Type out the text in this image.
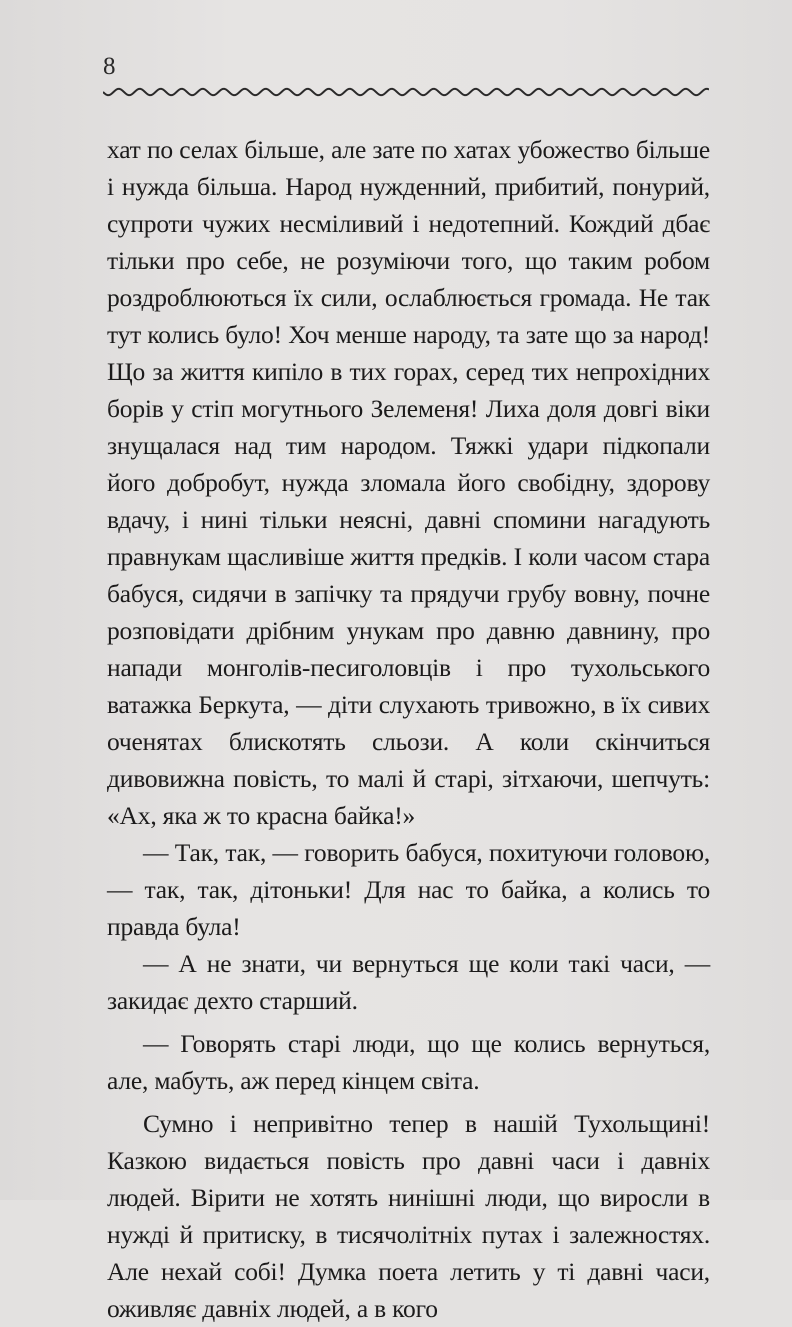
8

хат по селах більше, але зате по хатах убожество більше і нужда більша. Народ нужденний, прибитий, понурий, супроти чужих несміливий і недотепний. Кождий дбає тільки про себе, не розуміючи того, що таким робом роздроблюються їх сили, ослаблюється громада. Не так тут колись було! Хоч менше народу, та зате що за народ! Що за життя кипіло в тих горах, серед тих непрохідних борів у стіп могутнього Зелеменя! Лиха доля довгі віки знущалася над тим народом. Тяжкі удари підкопали його добробут, нужда зломала його свобідну, здорову вдачу, і нині тільки неясні, давні спомини нагадують правнукам щасливіше життя предків. І коли часом стара бабуся, сидячи в запічку та прядучи грубу вовну, почне розповідати дрібним унукам про давню давнину, про напади монголів-песиголовців і про тухольського ватажка Беркута, — діти слухають тривожно, в їх сивих оченятах блискотять сльози. А коли скінчиться дивовижна повість, то малі й старі, зітхаючи, шепчуть: «Ах, яка ж то красна байка!»

— Так, так, — говорить бабуся, похитуючи головою, — так, так, дітоньки! Для нас то байка, а колись то правда була!

— А не знати, чи вернуться ще коли такі часи, — закидає дехто старший.

— Говорять старі люди, що ще колись вернуться, але, мабуть, аж перед кінцем світа.

Сумно і непривітно тепер в нашій Тухольщині! Казкою видається повість про давні часи і давніх людей. Вірити не хотять нинішні люди, що виросли в нужді й притиску, в тисячолітніх путах і залежностях. Але нехай собі! Думка поета летить у ті давні часи, оживляє давніх людей, а в кого
